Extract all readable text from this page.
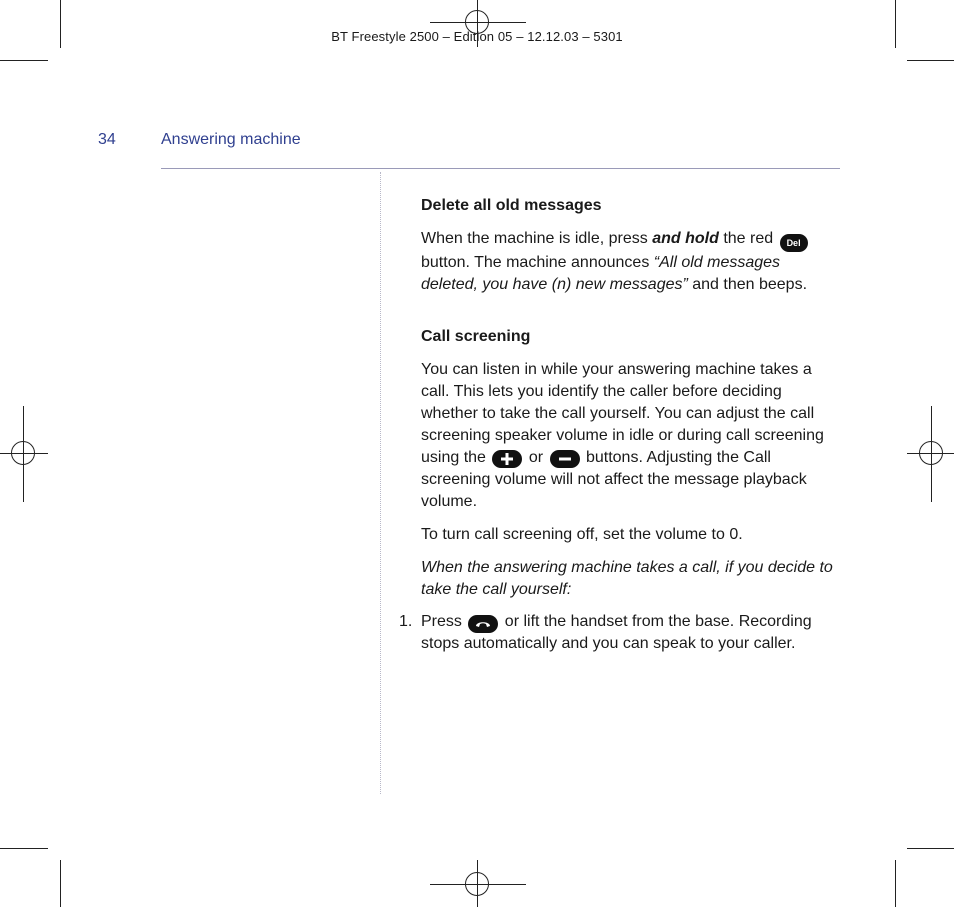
BT Freestyle 2500 – Edition 05 – 12.12.03 – 5301
34	Answering machine
Delete all old messages
When the machine is idle, press and hold the red Del

button. The machine announces “All old messages deleted, you have (n) new messages” and then beeps.
Call screening
You can listen in while your answering machine takes a call. This lets you identify the caller before deciding whether to take the call yourself. You can adjust the call screening speaker volume in idle or during call screening using the
or
buttons. Adjusting the Call screening volume will not affect the message playback volume.
To turn call screening off, set the volume to 0.
When the answering machine takes a call, if you decide to take the call yourself:
1. Press
or lift the handset from the base. Recording stops automatically and you can speak to your caller.
